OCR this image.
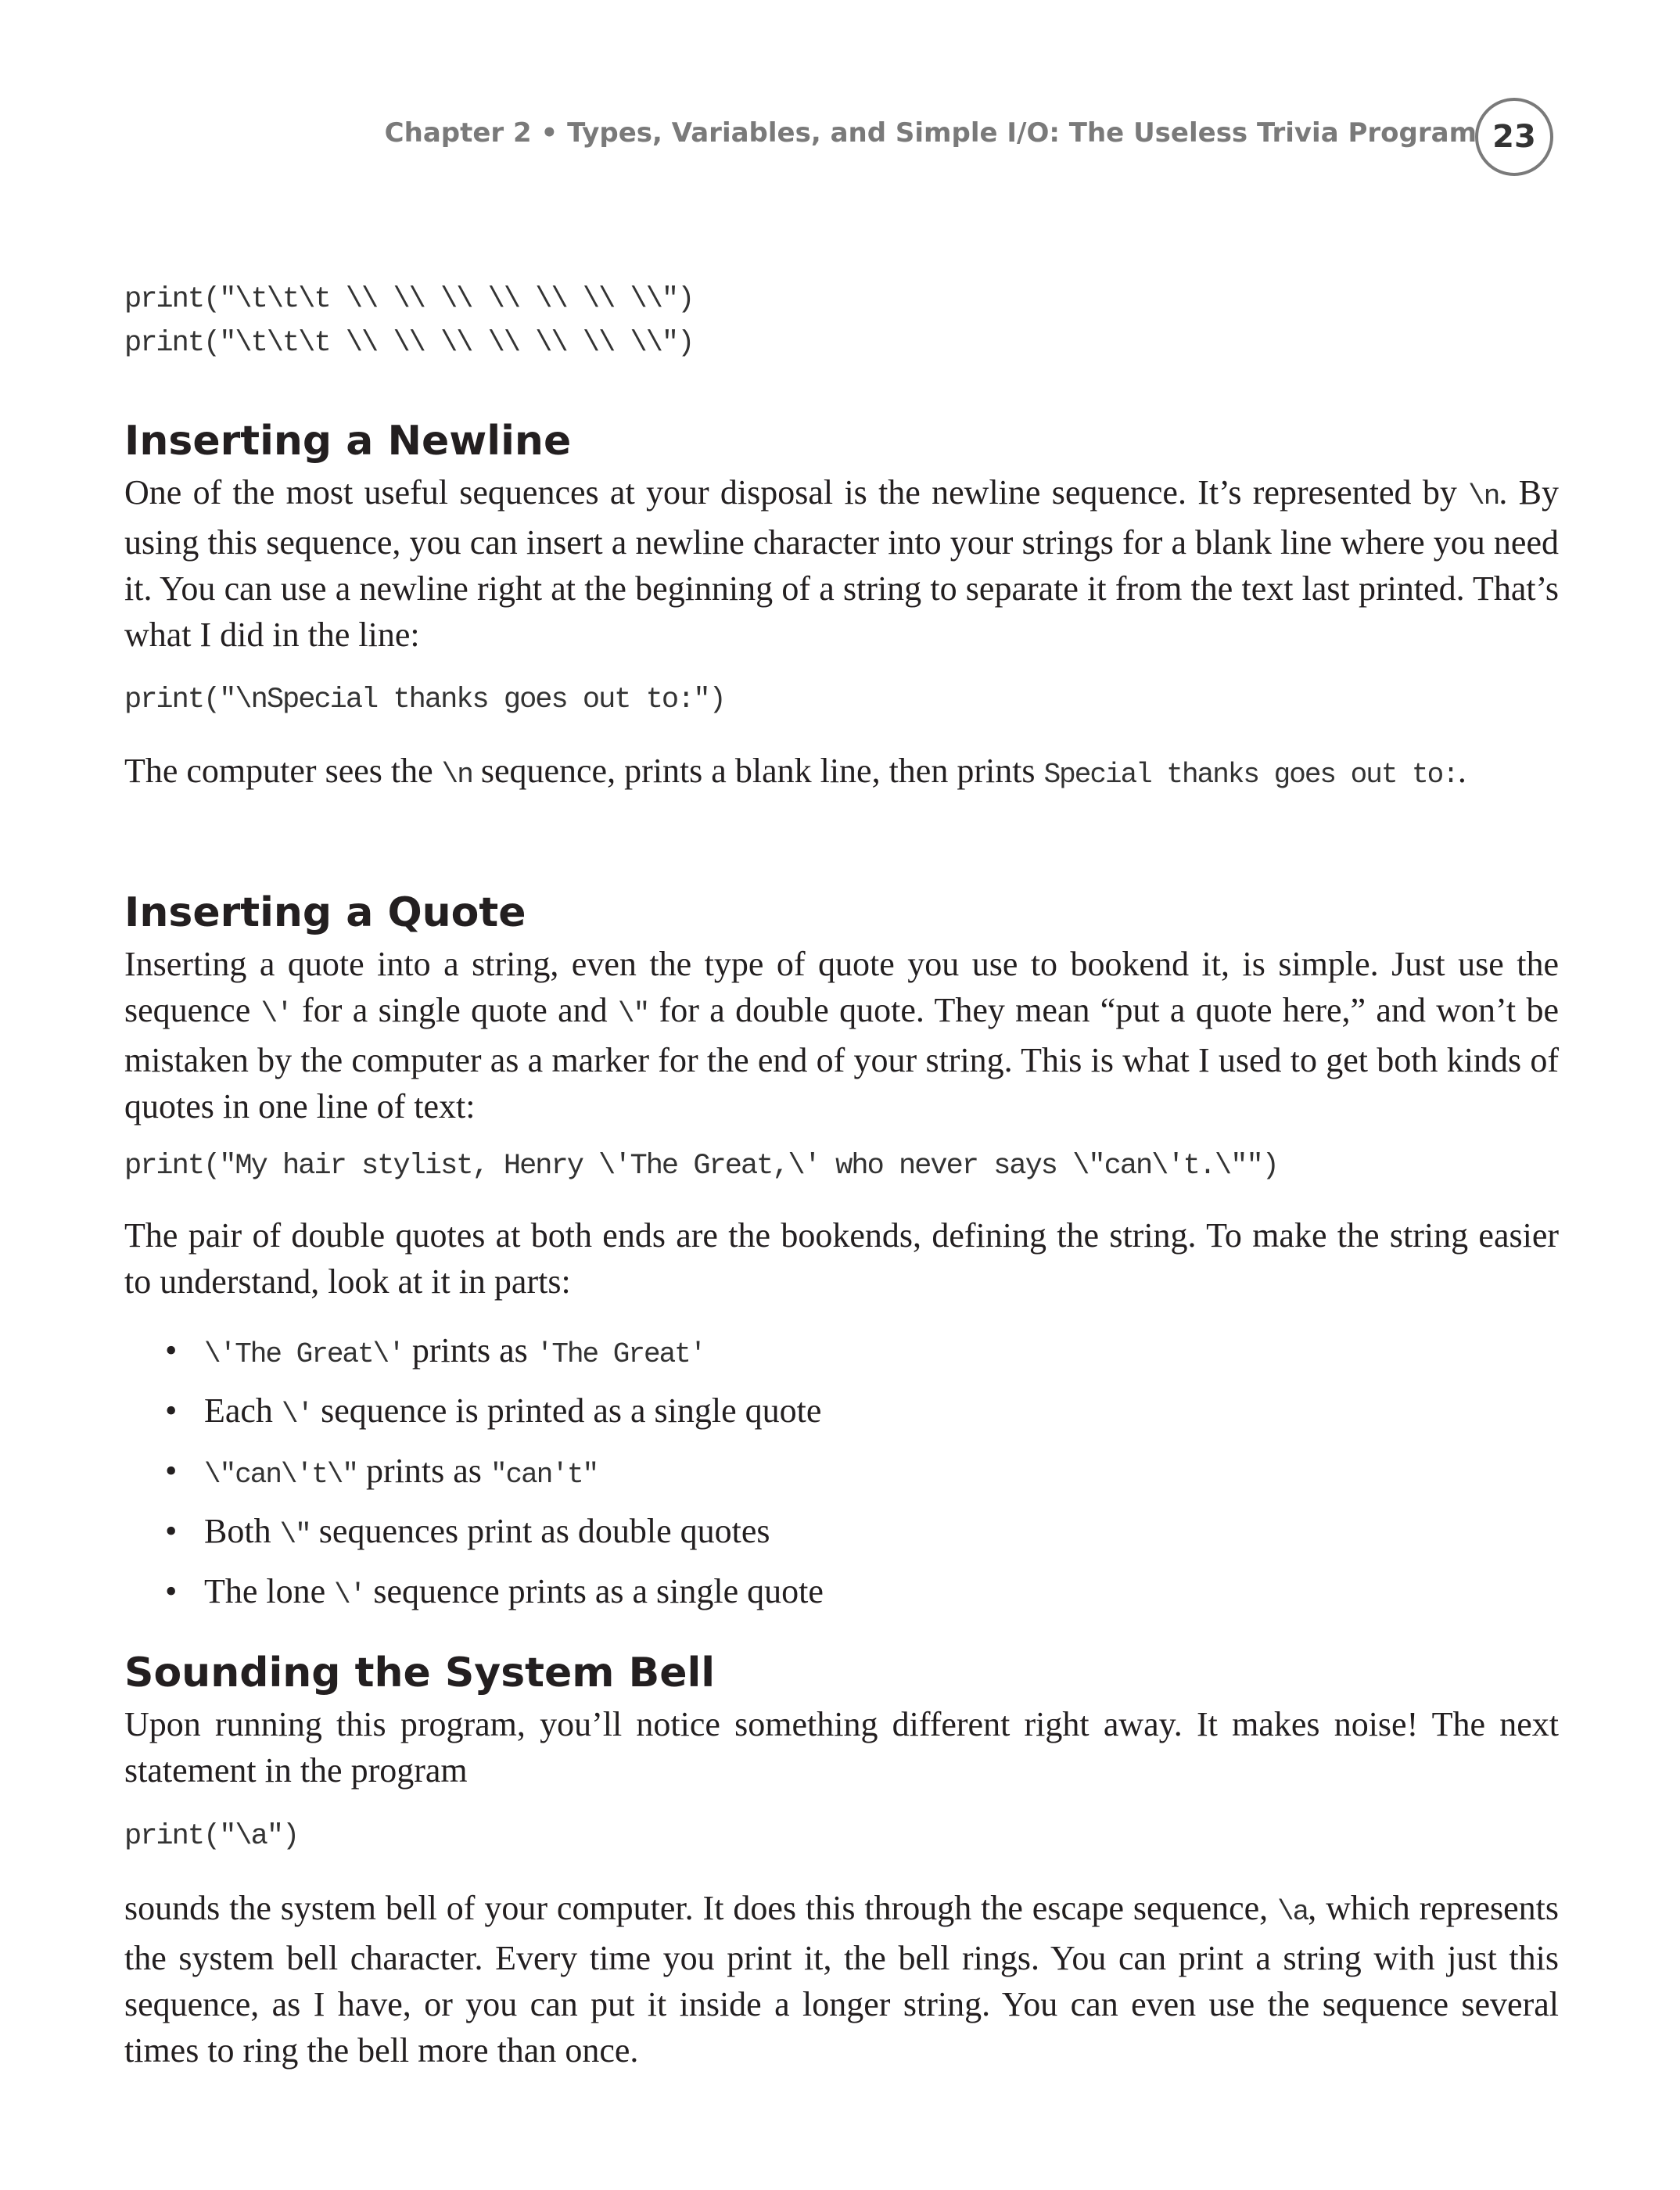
Chapter 2 • Types, Variables, and Simple I/O: The Useless Trivia Program 23
print("\t\t\t \\ \\ \\ \\ \\ \\ \\")
print("\t\t\t \\ \\ \\ \\ \\ \\ \\")
Inserting a Newline
One of the most useful sequences at your disposal is the newline sequence. It’s represented by \n. By using this sequence, you can insert a newline character into your strings for a blank line where you need it. You can use a newline right at the beginning of a string to separate it from the text last printed. That’s what I did in the line:
print("\nSpecial thanks goes out to:")
The computer sees the \n sequence, prints a blank line, then prints Special thanks goes out to:.
Inserting a Quote
Inserting a quote into a string, even the type of quote you use to bookend it, is simple. Just use the sequence \' for a single quote and \" for a double quote. They mean “put a quote here,” and won’t be mistaken by the computer as a marker for the end of your string. This is what I used to get both kinds of quotes in one line of text:
print("My hair stylist, Henry \'The Great,\' who never says \"can\'t.\"")
The pair of double quotes at both ends are the bookends, defining the string. To make the string easier to understand, look at it in parts:
• \'The Great\' prints as 'The Great'
• Each \' sequence is printed as a single quote
• \"can\'t\" prints as "can't"
• Both \" sequences print as double quotes
• The lone \' sequence prints as a single quote
Sounding the System Bell
Upon running this program, you’ll notice something different right away. It makes noise! The next statement in the program
print("\a")
sounds the system bell of your computer. It does this through the escape sequence, \a, which represents the system bell character. Every time you print it, the bell rings. You can print a string with just this sequence, as I have, or you can put it inside a longer string. You can even use the sequence several times to ring the bell more than once.
